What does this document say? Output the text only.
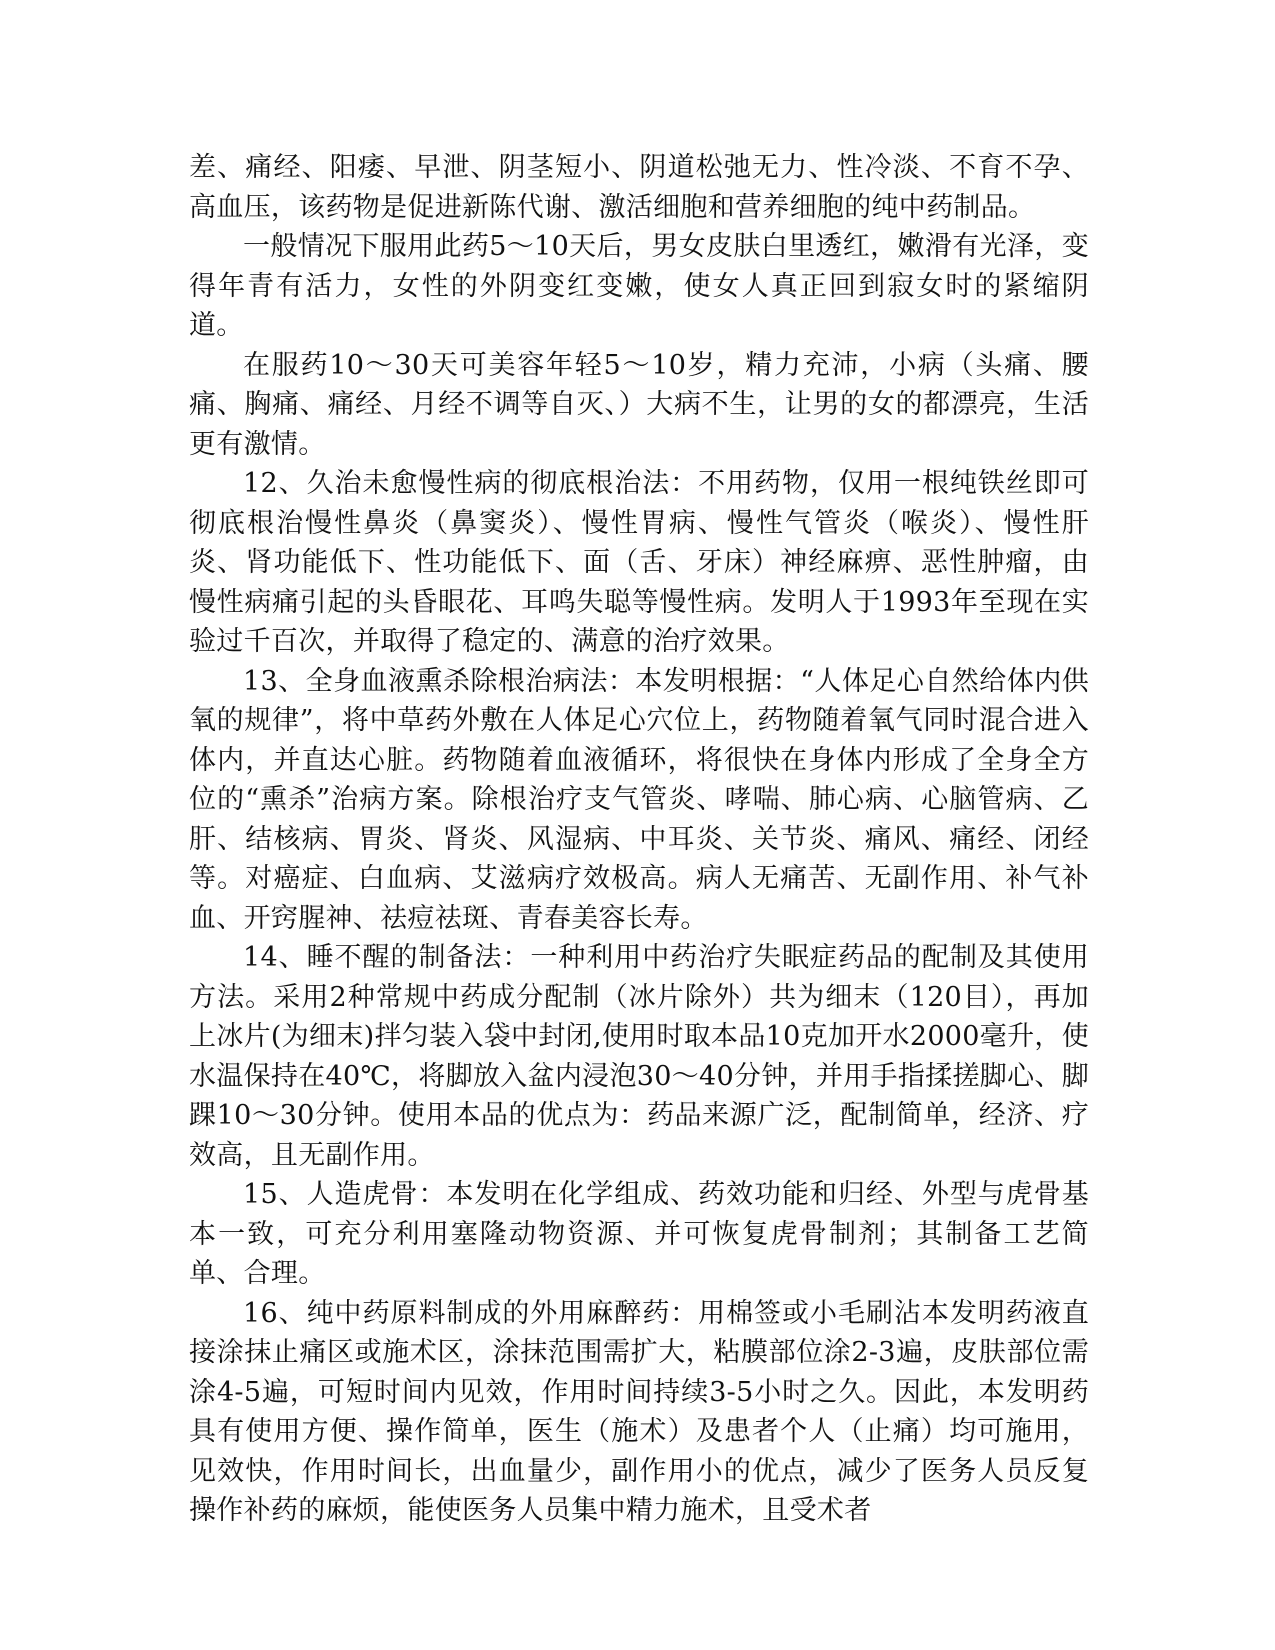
差、痛经、阳痿、早泄、阴茎短小、阴道松弛无力、性冷淡、不育不孕、高血压，该药物是促进新陈代谢、激活细胞和营养细胞的纯中药制品。

一般情况下服用此药5～10天后，男女皮肤白里透红，嫩滑有光泽，变得年青有活力，女性的外阴变红变嫩，使女人真正回到寂女时的紧缩阴道。

在服药10～30天可美容年轻5～10岁，精力充沛，小病（头痛、腰痛、胸痛、痛经、月经不调等自灭、）大病不生，让男的女的都漂亮，生活更有激情。

12、久治未愈慢性病的彻底根治法：不用药物，仅用一根纯铁丝即可彻底根治慢性鼻炎（鼻窦炎）、慢性胃病、慢性气管炎（喉炎）、慢性肝炎、肾功能低下、性功能低下、面（舌、牙床）神经麻痹、恶性肿瘤，由慢性病痛引起的头昏眼花、耳鸣失聪等慢性病。发明人于1993年至现在实验过千百次，并取得了稳定的、满意的治疗效果。

13、全身血液熏杀除根治病法：本发明根据：“人体足心自然给体内供氧的规律”，将中草药外敷在人体足心穴位上，药物随着氧气同时混合进入体内，并直达心脏。药物随着血液循环，将很快在身体内形成了全身全方位的“熏杀”治病方案。除根治疗支气管炎、哮喘、肺心病、心脑管病、乙肝、结核病、胃炎、肾炎、风湿病、中耳炎、关节炎、痛风、痛经、闭经等。对癌症、白血病、艾滋病疗效极高。病人无痛苦、无副作用、补气补血、开窍腥神、祛痘祛斑、青春美容长寿。

14、睡不醒的制备法：一种利用中药治疗失眠症药品的配制及其使用方法。采用2种常规中药成分配制（冰片除外）共为细末（120目），再加上冰片(为细末)拌匀装入袋中封闭,使用时取本品10克加开水2000毫升，使水温保持在40℃，将脚放入盆内浸泡30～40分钟，并用手指揉搓脚心、脚踝10～30分钟。使用本品的优点为：药品来源广泛，配制简单，经济、疗效高，且无副作用。

15、人造虎骨：本发明在化学组成、药效功能和归经、外型与虎骨基本一致，可充分利用塞隆动物资源、并可恢复虎骨制剂；其制备工艺简单、合理。

16、纯中药原料制成的外用麻醉药：用棉签或小毛刷沾本发明药液直接涂抹止痛区或施术区，涂抹范围需扩大，粘膜部位涂2-3遍，皮肤部位需涂4-5遍，可短时间内见效，作用时间持续3-5小时之久。因此，本发明药具有使用方便、操作简单，医生（施术）及患者个人（止痛）均可施用，见效快，作用时间长，出血量少，副作用小的优点，减少了医务人员反复操作补药的麻烦，能使医务人员集中精力施术，且受术者
